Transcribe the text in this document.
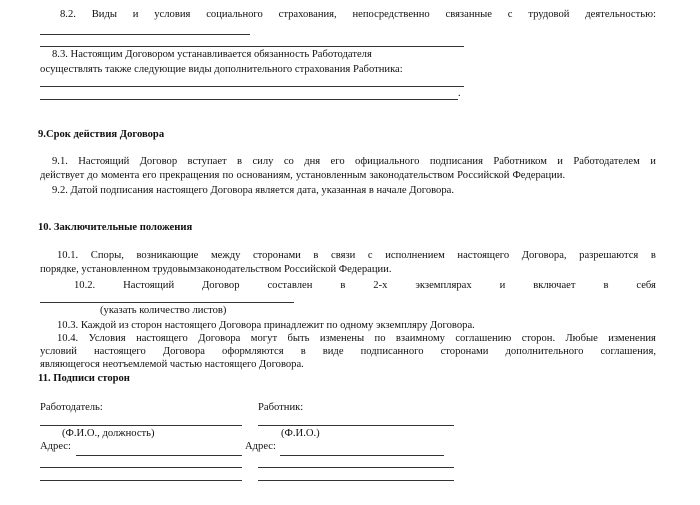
8.2. Виды и условия социального страхования, непосредственно связанные с трудовой деятельностью:
8.3. Настоящим Договором устанавливается обязанность Работодателя
осуществлять также следующие виды дополнительного страхования Работника:
.
9.Срок действия Договора
9.1. Настоящий Договор вступает в силу со дня его официального подписания Работником и Работодателем и
действует до момента его прекращения по основаниям, установленным законодательством Российской Федерации.
9.2. Датой подписания настоящего Договора является дата, указанная в начале Договора.
10. Заключительные положения
10.1. Споры, возникающие между сторонами в связи с исполнением настоящего Договора, разрешаются в
порядке, установленном трудовымзаконодательством Российской Федерации.
10.2.	Настоящий	Договор	составлен	в	2-х	экземплярах	и	включает	в	себя
(указать количество листов)
10.3. Каждой из сторон настоящего Договора принадлежит по одному экземпляру Договора.
10.4. Условия настоящего Договора могут быть изменены по взаимному соглашению сторон. Любые изменения
условий настоящего Договора оформляются в виде подписанного сторонами дополнительного соглашения,
являющегося неотъемлемой частью настоящего Договора.
11. Подписи сторон
Работодатель:	Работник:
(Ф.И.О., должность)	(Ф.И.О.)
Адрес:	Адрес:
